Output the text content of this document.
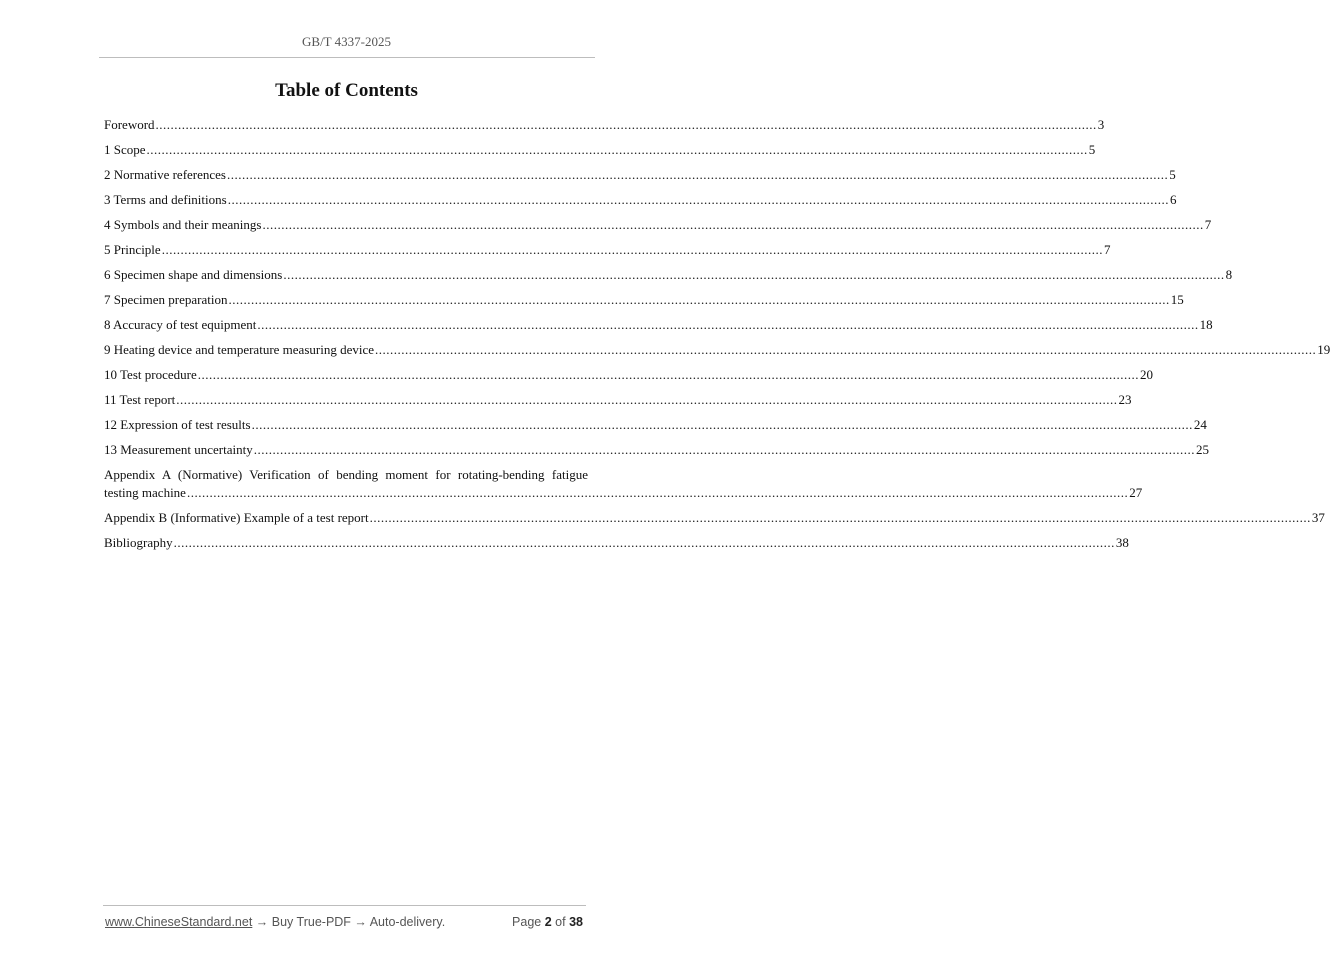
GB/T 4337-2025
Table of Contents
Foreword ........................................................................................................................................................................................................................................................... 3
1 Scope ........................................................................................................................................................................................................................................................... 5
2 Normative references ........................................................................................................................................................................................................................................................... 5
3 Terms and definitions ........................................................................................................................................................................................................................................................... 6
4 Symbols and their meanings ........................................................................................................................................................................................................................................................... 7
5 Principle ........................................................................................................................................................................................................................................................... 7
6 Specimen shape and dimensions ........................................................................................................................................................................................................................................................... 8
7 Specimen preparation ........................................................................................................................................................................................................................................................... 15
8 Accuracy of test equipment ........................................................................................................................................................................................................................................................... 18
9 Heating device and temperature measuring device ........................................................................................................................................................................................................................................................... 19
10 Test procedure ........................................................................................................................................................................................................................................................... 20
11 Test report ........................................................................................................................................................................................................................................................... 23
12 Expression of test results ........................................................................................................................................................................................................................................................... 24
13 Measurement uncertainty ........................................................................................................................................................................................................................................................... 25
Appendix A (Normative) Verification of bending moment for rotating-bending fatigue
testing machine ........................................................................................................................................................................................................................................................... 27
Appendix B (Informative) Example of a test report ........................................................................................................................................................................................................................................................... 37
Bibliography ........................................................................................................................................................................................................................................................... 38
www.ChineseStandard.net → Buy True-PDF → Auto-delivery.	Page 2 of 38
